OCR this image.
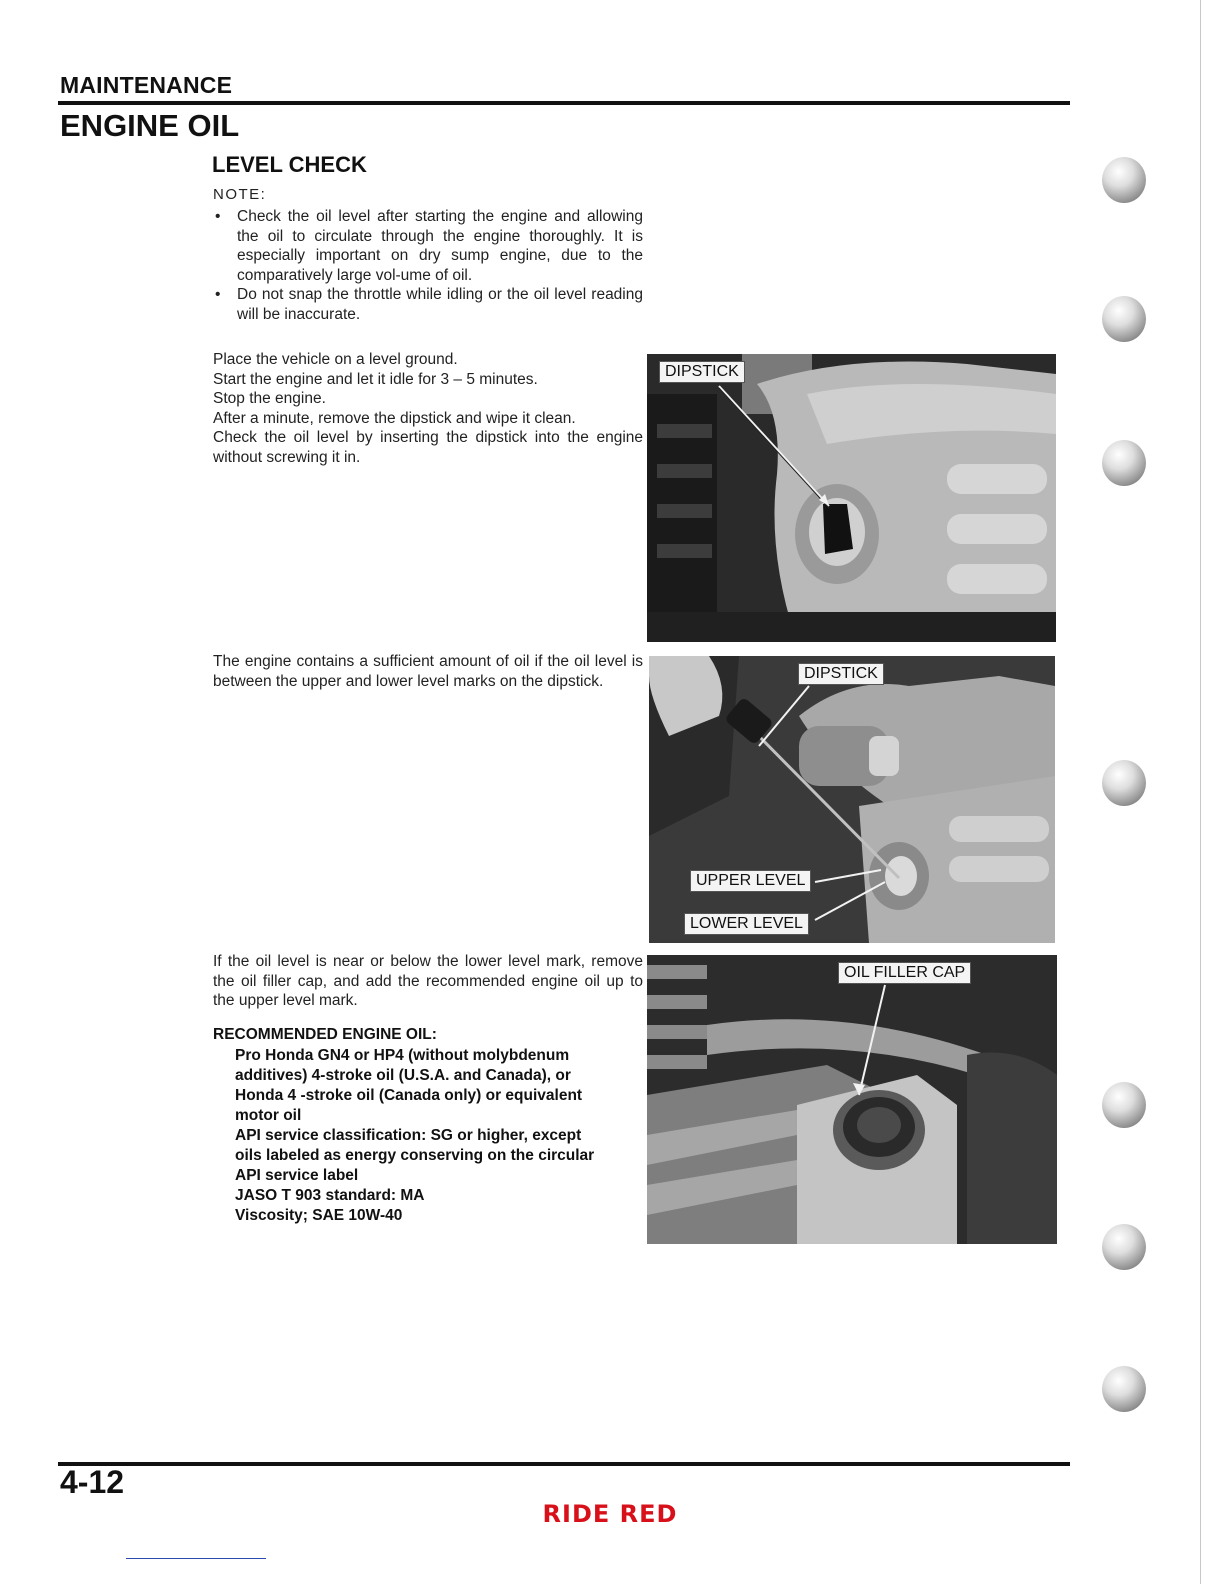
MAINTENANCE
ENGINE OIL
LEVEL CHECK
NOTE:
• Check the oil level after starting the engine and allowing the oil to circulate through the engine thoroughly. It is especially important on dry sump engine, due to the comparatively large vol-ume of oil.
• Do not snap the throttle while idling or the oil level reading will be inaccurate.

Place the vehicle on a level ground.

Start the engine and let it idle for 3 – 5 minutes.

Stop the engine.

After a minute, remove the dipstick and wipe it clean.

Check the oil level by inserting the dipstick into the engine without screwing it in.

The engine contains a sufficient amount of oil if the oil level is between the upper and lower level marks on the dipstick.

If the oil level is near or below the lower level mark, remove the oil filler cap, and add the recommended engine oil up to the upper level mark.

RECOMMENDED ENGINE OIL:
Pro Honda GN4 or HP4 (without molybdenum
additives) 4-stroke oil (U.S.A. and Canada), or
Honda 4 -stroke oil (Canada only) or equivalent
motor oil
API service classification: SG or higher, except
oils labeled as energy conserving on the circular
API service label
JASO T 903 standard: MA
Viscosity; SAE 10W-40
DIPSTICK
DIPSTICK
UPPER LEVEL
LOWER LEVEL
OIL FILLER CAP
4-12
RIDE RED
